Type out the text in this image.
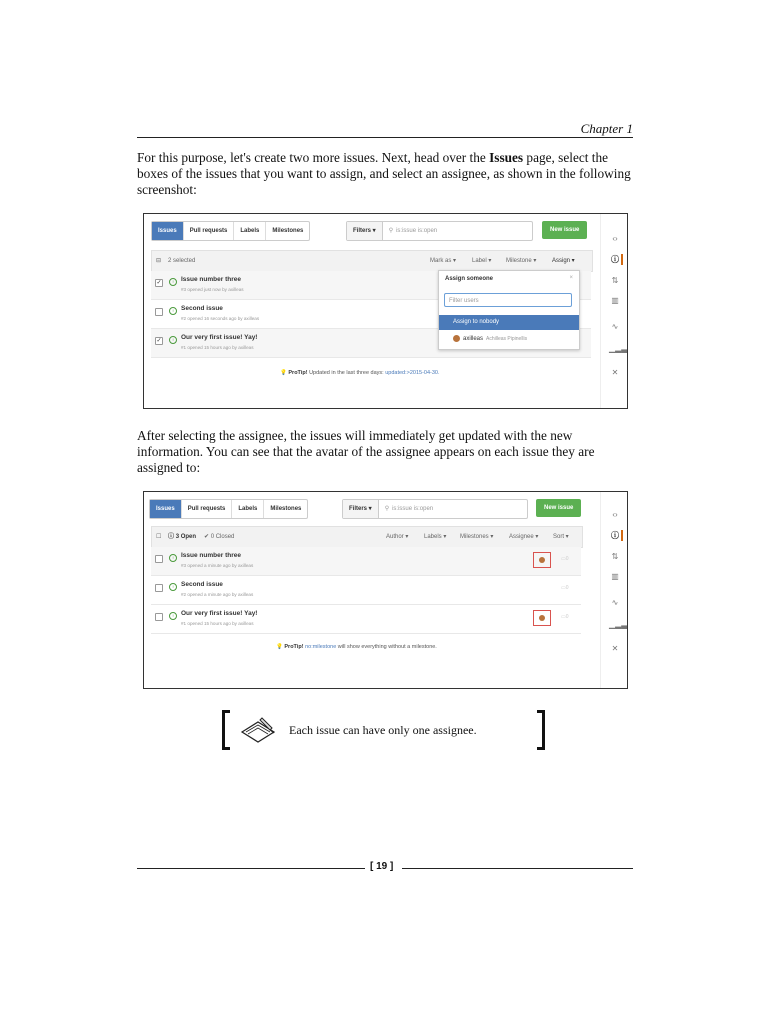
Chapter 1

For this purpose, let's create two more issues. Next, head over the Issues page, select the boxes of the issues that you want to assign, and select an assignee, as shown in the following screenshot:

Issues	Pull requests	Labels	Milestones	Filters ▾	⚲ is:issue is:open	New issue
⊟ 2 selected	Mark as ▾	Label ▾ Milestone ▾	Assign ▾
✓	!	Issue number three
#3 opened just now by axilleas
!	Second issue
#2 opened 16 seconds ago by axilleas
✓	!	Our very first issue! Yay!
#1 opened 15 hours ago by axilleas
Assign someone	×
Filter users
Assign to nobody
axilleas Achilleas Pipinellis
💡 ProTip! Updated in the last three days: updated:>2015-04-30.
‹›
ⓘ
⇅
▥
∿
▁▂▃
✕

After selecting the assignee, the issues will immediately get updated with the new information. You can see that the avatar of the assignee appears on each issue they are assigned to:

Issues	Pull requests	Labels	Milestones	Filters ▾	⚲ is:issue is:open	New issue
☐ ⓘ 3 Open ✔ 0 Closed	Author ▾	Labels ▾ Milestones ▾	Assignee ▾ Sort ▾
!	Issue number three
#3 opened a minute ago by axilleas
▭0
!	Second issue
#2 opened a minute ago by axilleas
▭0
!	Our very first issue! Yay!
#1 opened 15 hours ago by axilleas
▭0
💡 ProTip! no:milestone will show everything without a milestone.
‹›
ⓘ
⇅
▥
∿
▁▂▃
✕
Each issue can have only one assignee.
[ 19 ]
